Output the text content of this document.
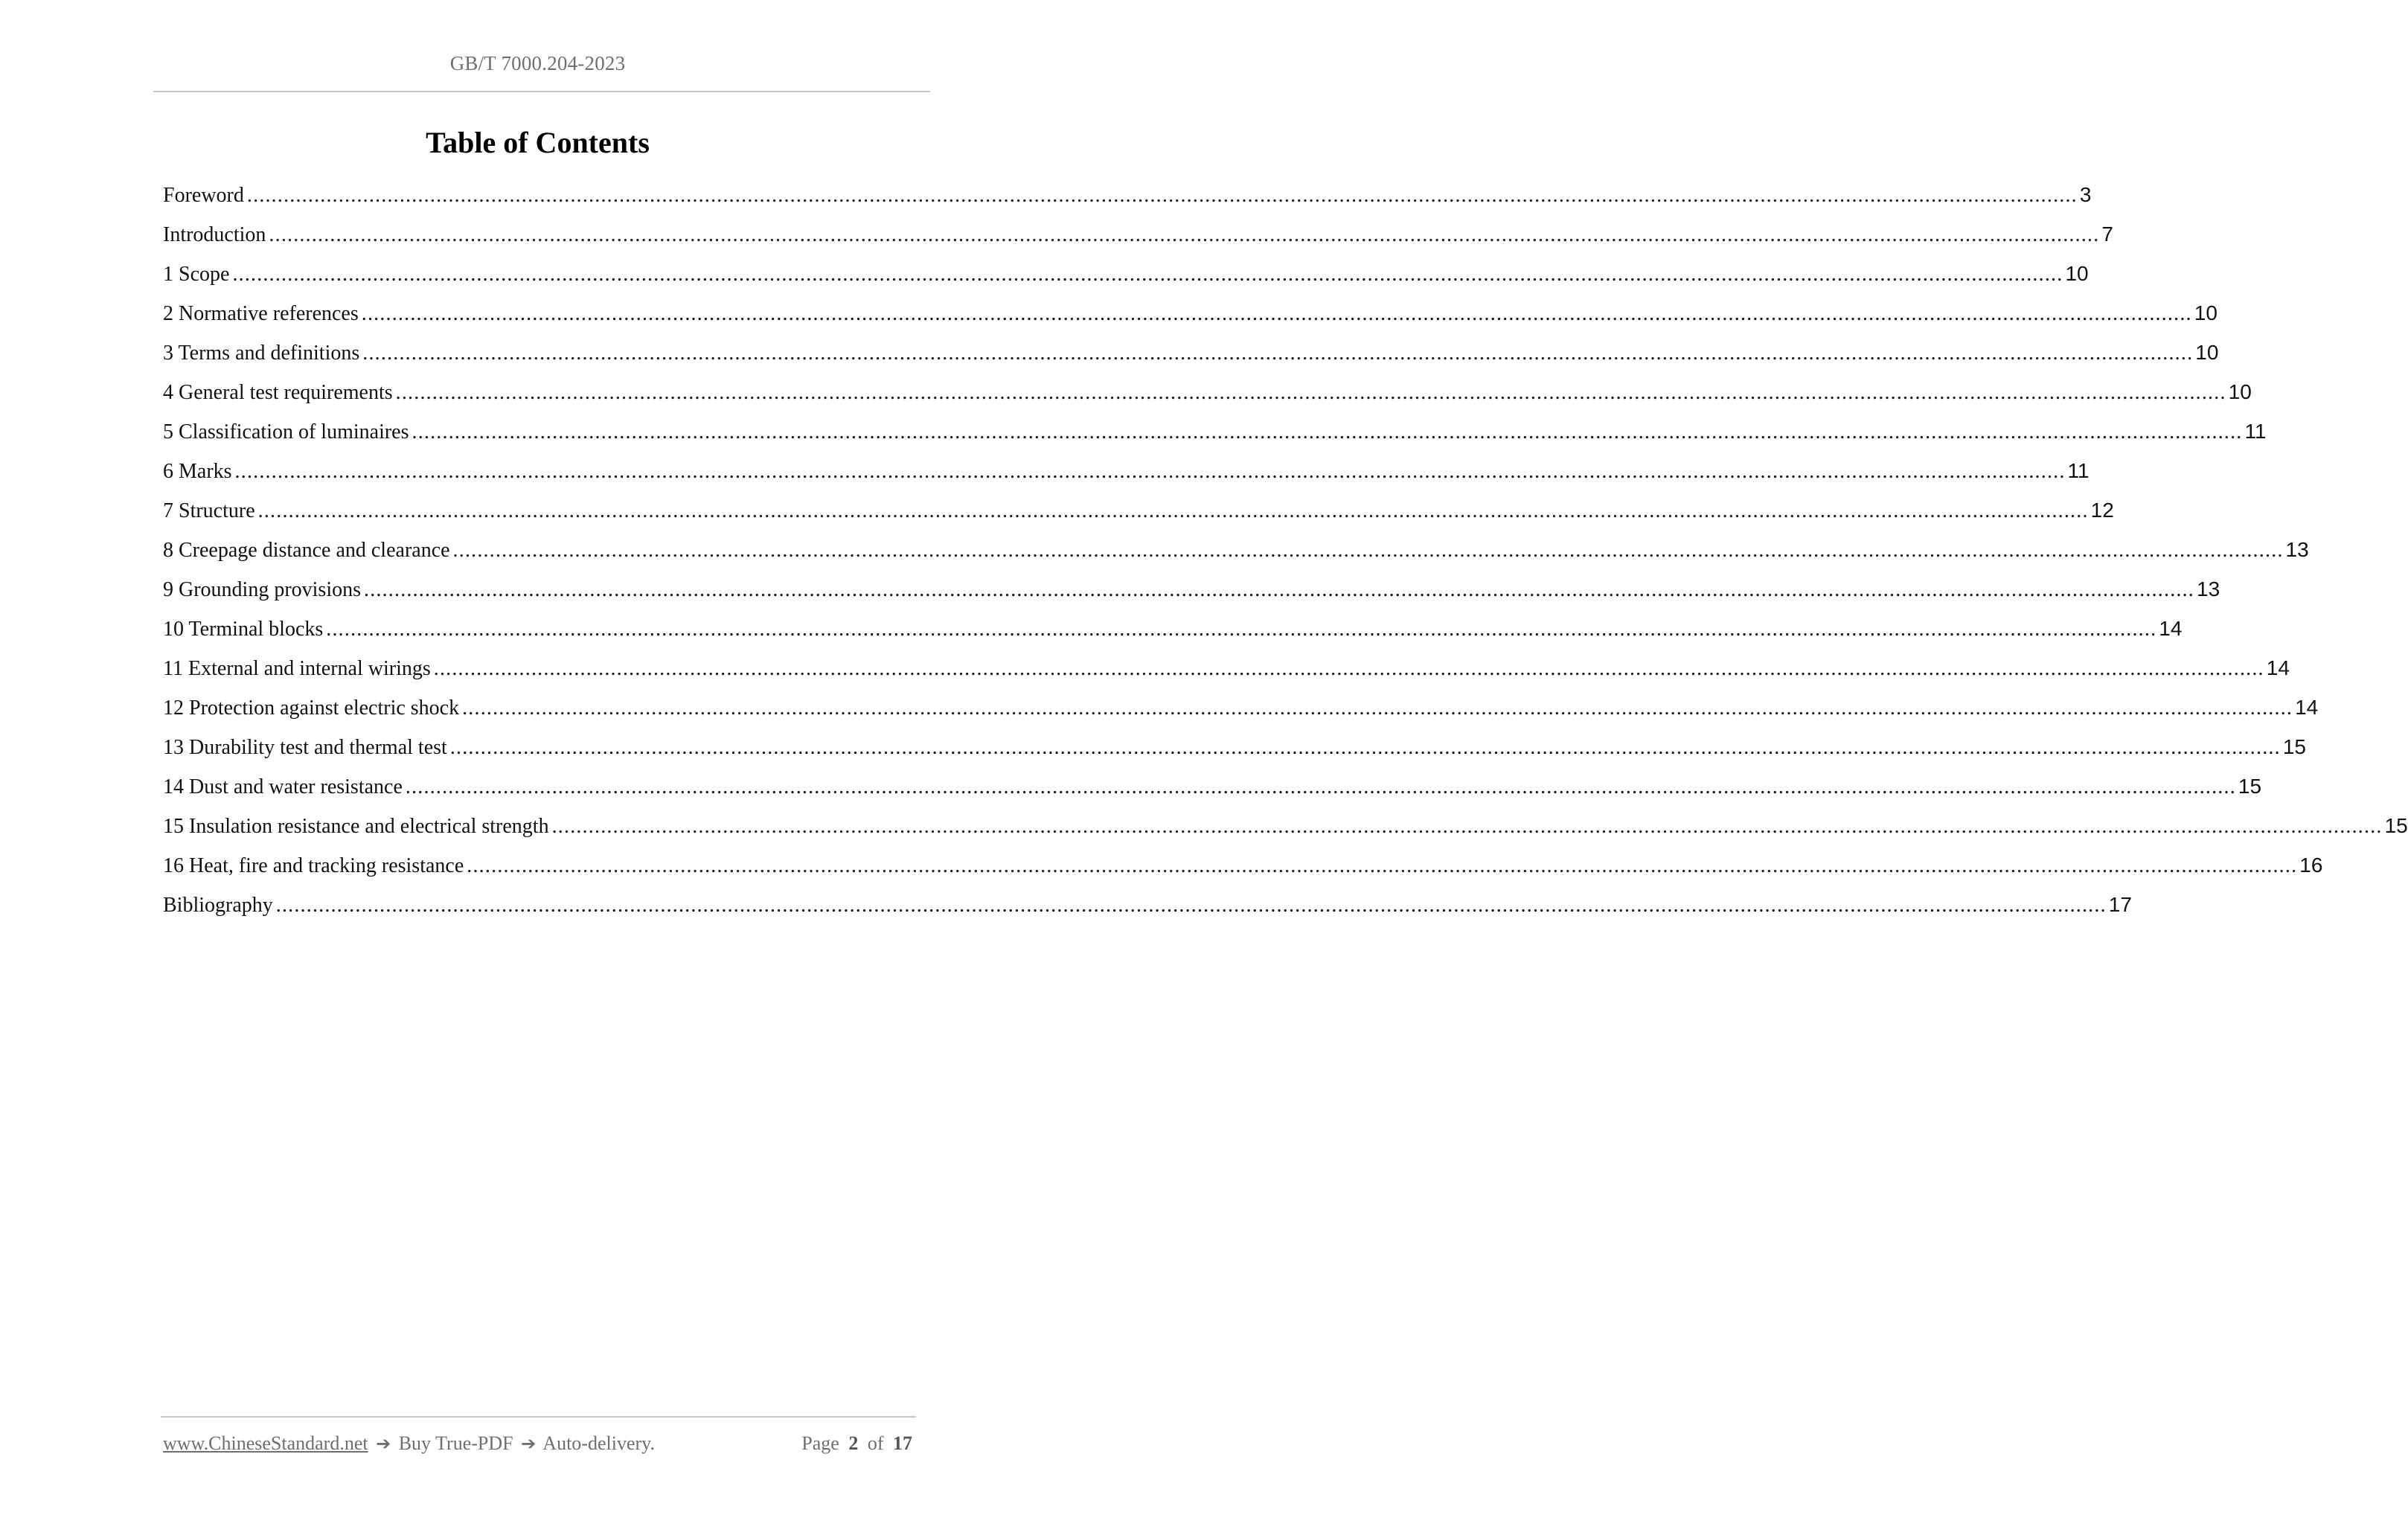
GB/T 7000.204-2023
Table of Contents
Foreword ............................................................................................................................................................................................................................................................................................................ 3
Introduction ............................................................................................................................................................................................................................................................................................................ 7
1 Scope ............................................................................................................................................................................................................................................................................................................ 10
2 Normative references ............................................................................................................................................................................................................................................................................................................ 10
3 Terms and definitions ............................................................................................................................................................................................................................................................................................................ 10
4 General test requirements ............................................................................................................................................................................................................................................................................................................ 10
5 Classification of luminaires ............................................................................................................................................................................................................................................................................................................ 11
6 Marks ............................................................................................................................................................................................................................................................................................................ 11
7 Structure ............................................................................................................................................................................................................................................................................................................ 12
8 Creepage distance and clearance ............................................................................................................................................................................................................................................................................................................ 13
9 Grounding provisions ............................................................................................................................................................................................................................................................................................................ 13
10 Terminal blocks ............................................................................................................................................................................................................................................................................................................ 14
11 External and internal wirings ............................................................................................................................................................................................................................................................................................................ 14
12 Protection against electric shock ............................................................................................................................................................................................................................................................................................................ 14
13 Durability test and thermal test ............................................................................................................................................................................................................................................................................................................ 15
14 Dust and water resistance ............................................................................................................................................................................................................................................................................................................ 15
15 Insulation resistance and electrical strength ............................................................................................................................................................................................................................................................................................................ 15
16 Heat, fire and tracking resistance ............................................................................................................................................................................................................................................................................................................ 16
Bibliography ............................................................................................................................................................................................................................................................................................................ 17
www.ChineseStandard.net ➔ Buy True-PDF ➔ Auto-delivery.	Page 2 of 17
